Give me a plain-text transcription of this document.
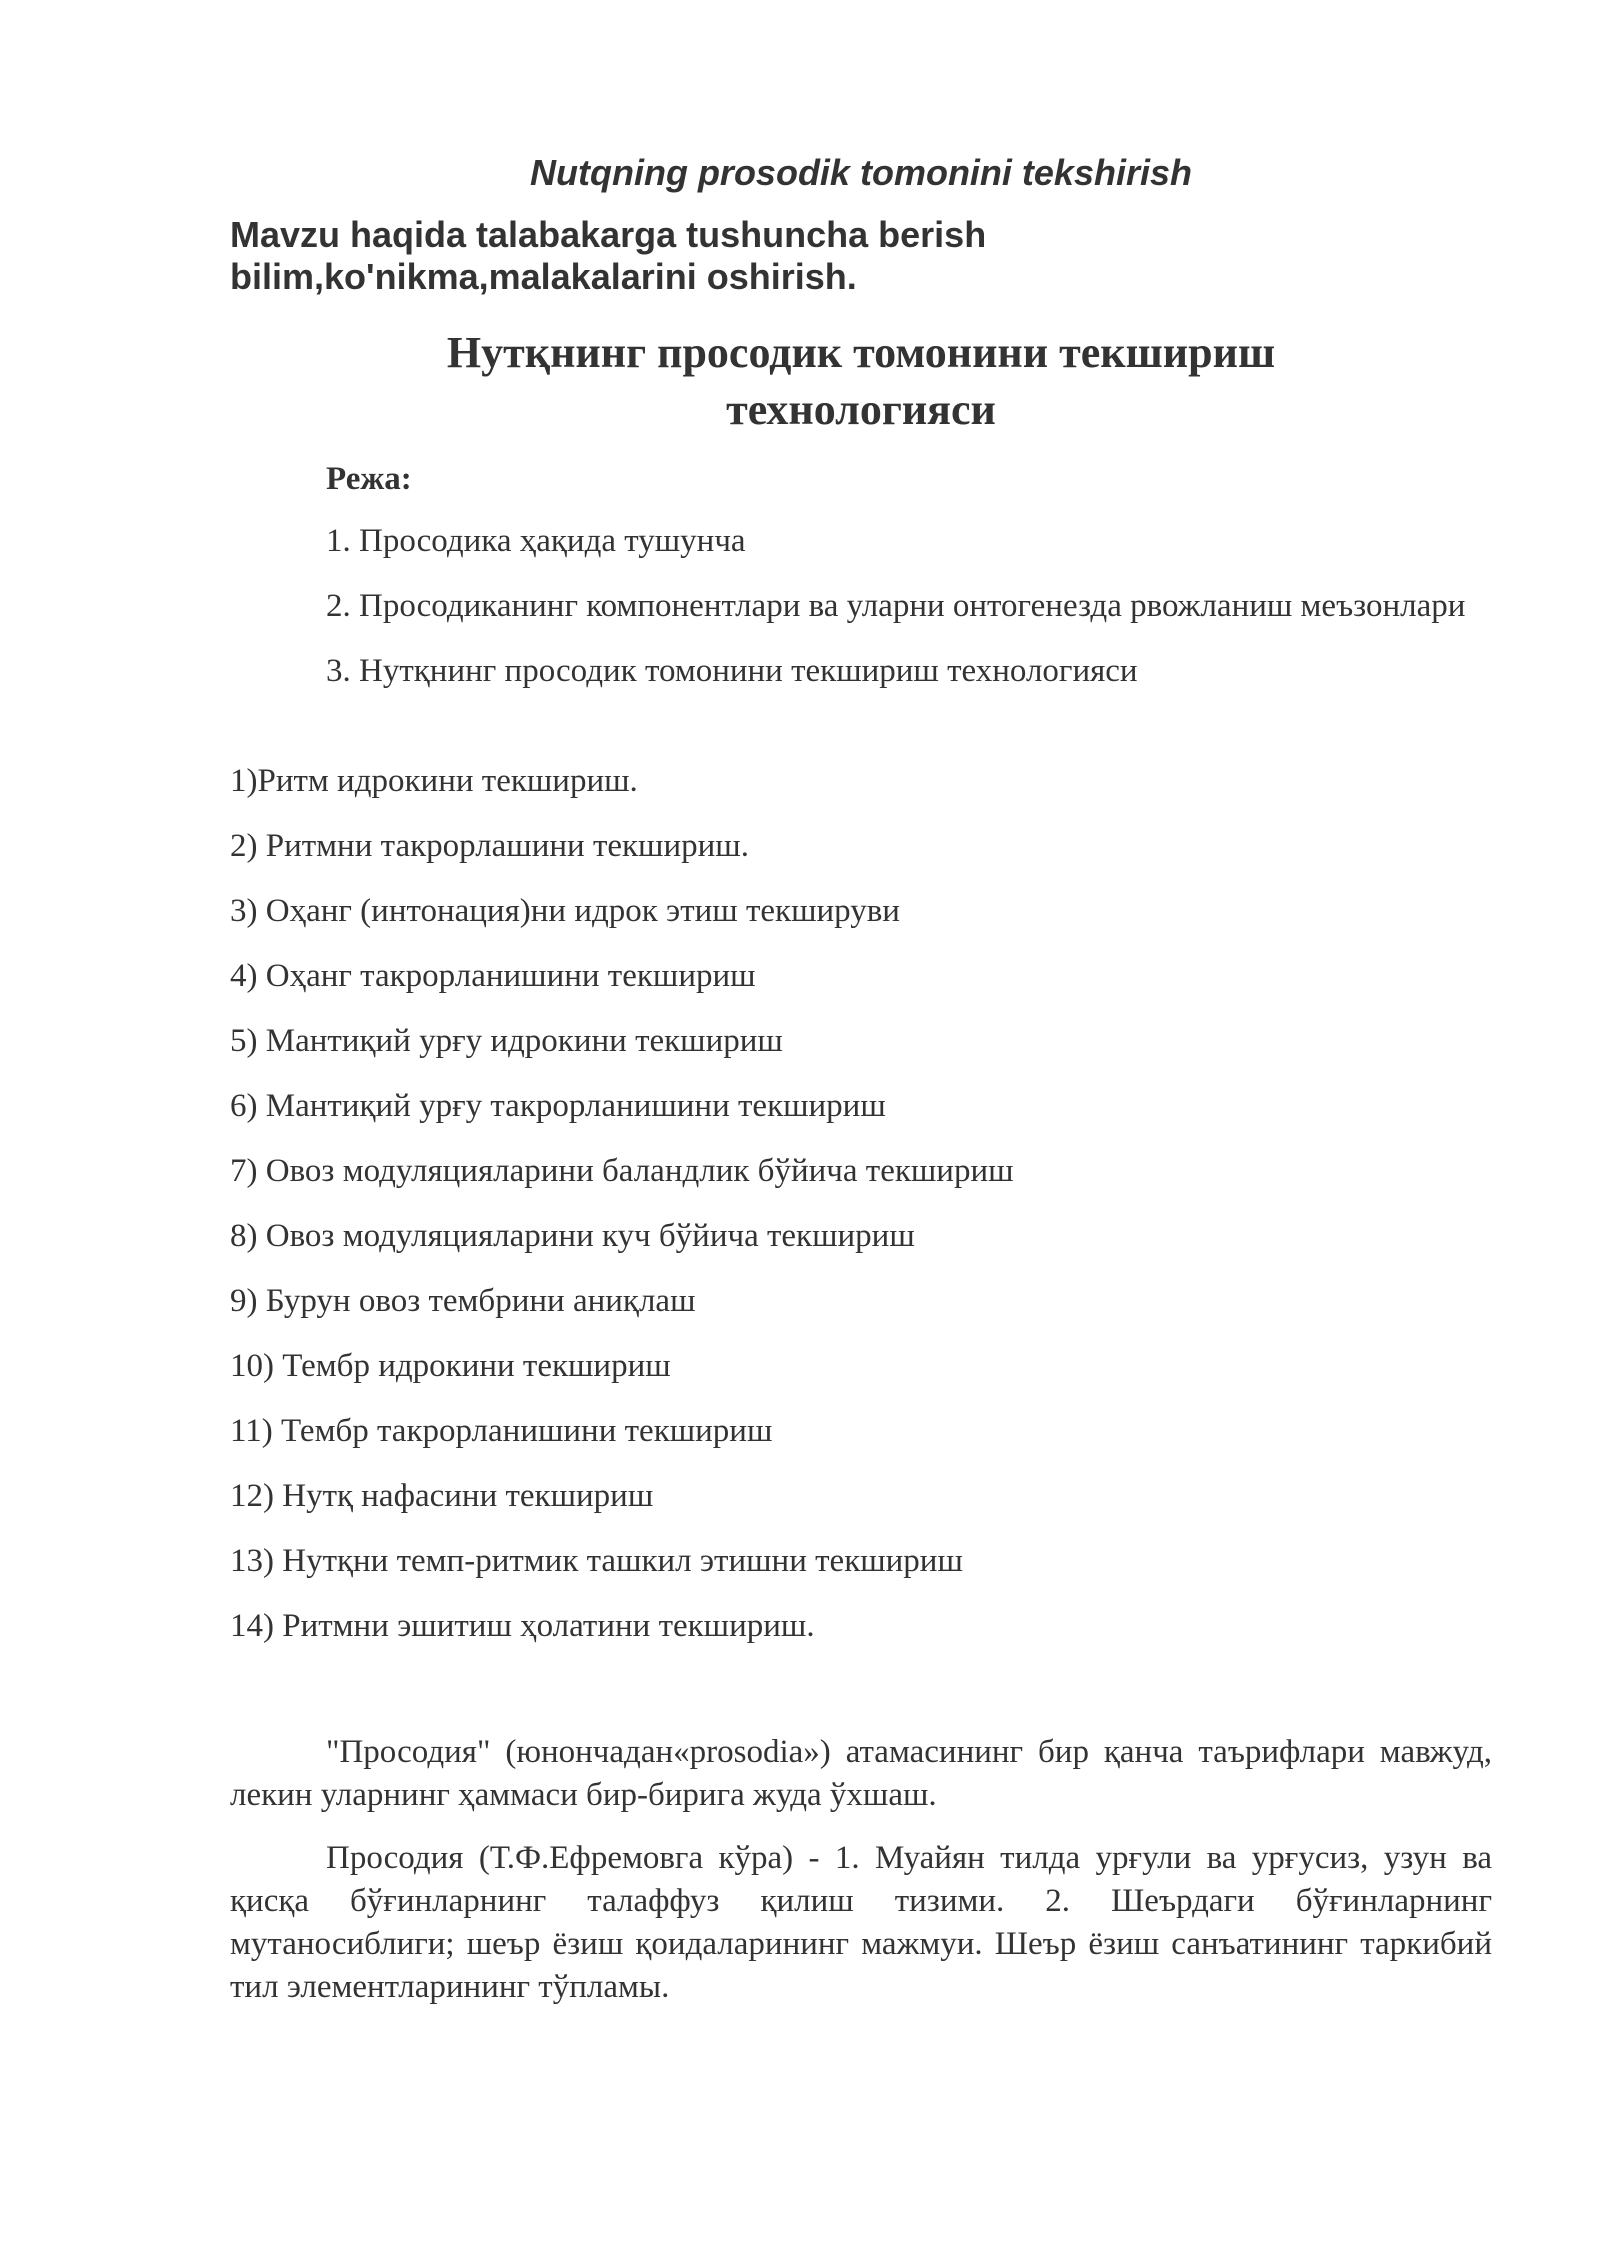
Nutqning prosodik tomonini tekshirish

Mavzu haqida talabakarga tushuncha berish
bilim,ko'nikma,malakalarini oshirish.

Нутқнинг просодик томонини текшириш
технологияси

Режа:

1. Просодика ҳақида тушунча

2. Просодиканинг компонентлари ва уларни онтогенезда рвожланиш меъзонлари

3. Нутқнинг просодик томонини текшириш технологияси

1)Ритм идрокини текшириш.
2) Ритмни такрорлашини текшириш.
3) Оҳанг (интонация)ни идрок этиш текшируви
4) Оҳанг такрорланишини текшириш
5) Мантиқий урғу идрокини текшириш
6) Мантиқий урғу такрорланишини текшириш
7) Овоз модуляцияларини баландлик бўйича текшириш
8) Овоз модуляцияларини куч бўйича текшириш
9) Бурун овоз тембрини аниқлаш
10) Тембр идрокини текшириш
11) Тембр такрорланишини текшириш
12) Нутқ нафасини текшириш
13) Нутқни темп-ритмик ташкил этишни текшириш
14) Ритмни эшитиш ҳолатини текшириш.

"Просодия" (юнончадан«prosodia») атамасининг бир қанча таърифлари мавжуд, лекин уларнинг ҳаммаси бир-бирига жуда ўхшаш.

Просодия (Т.Ф.Ефремовга кўра) - 1. Муайян тилда урғули ва урғусиз, узун ва қисқа бўғинларнинг талаффуз қилиш тизими. 2. Шеърдаги бўғинларнинг мутаносиблиги; шеър ёзиш қоидаларининг мажмуи. Шеър ёзиш санъатининг таркибий тил элементларининг тўпламы.
